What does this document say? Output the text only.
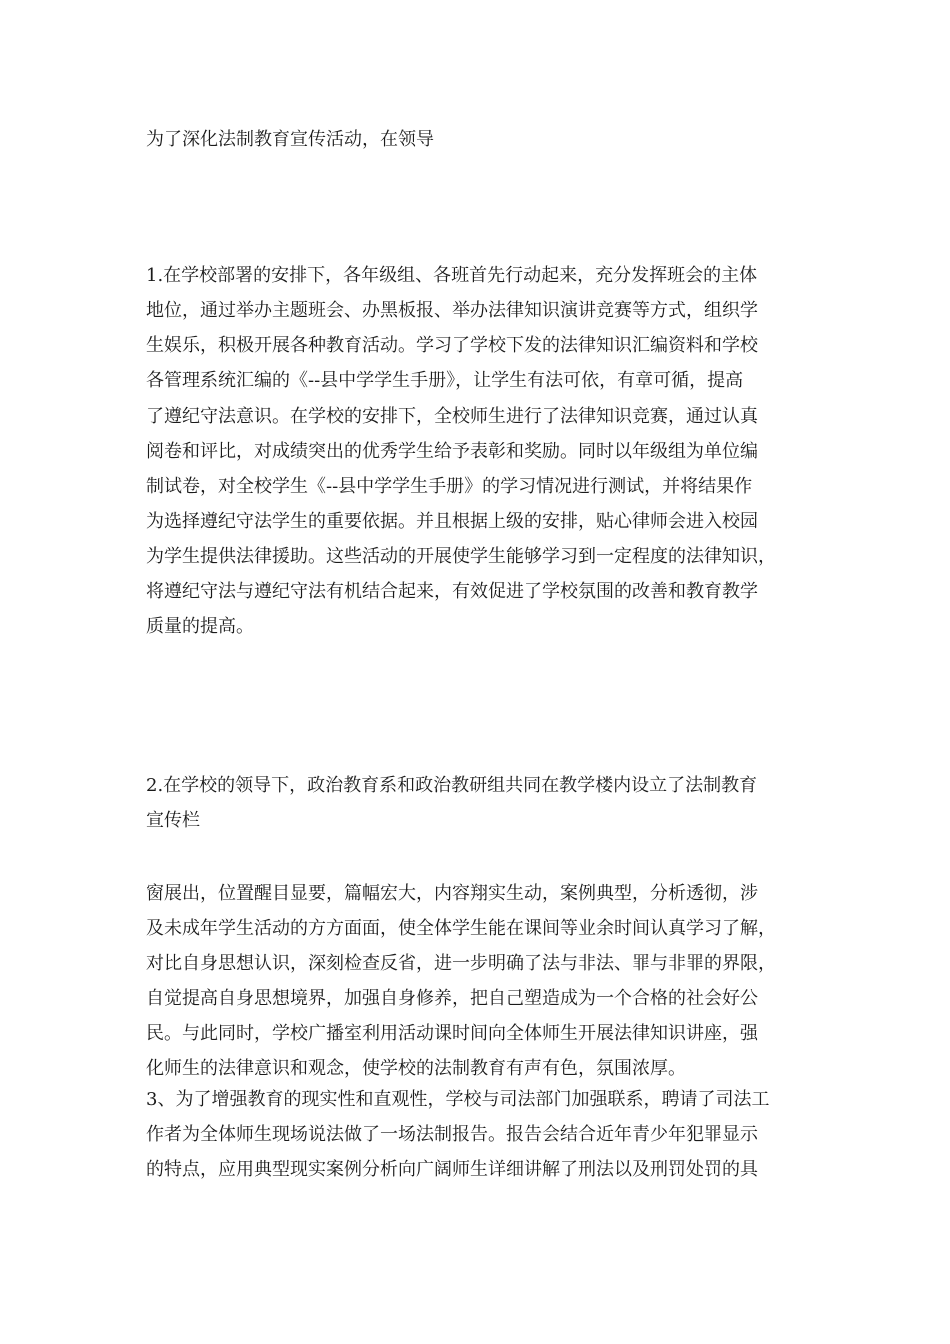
为了深化法制教育宣传活动，在领导
1.在学校部署的安排下，各年级组、各班首先行动起来，充分发挥班会的主体
地位，通过举办主题班会、办黑板报、举办法律知识演讲竞赛等方式，组织学
生娱乐，积极开展各种教育活动。学习了学校下发的法律知识汇编资料和学校
各管理系统汇编的《--县中学学生手册》，让学生有法可依，有章可循，提高
了遵纪守法意识。在学校的安排下，全校师生进行了法律知识竞赛，通过认真
阅卷和评比，对成绩突出的优秀学生给予表彰和奖励。同时以年级组为单位编
制试卷，对全校学生《--县中学学生手册》的学习情况进行测试，并将结果作
为选择遵纪守法学生的重要依据。并且根据上级的安排，贴心律师会进入校园
为学生提供法律援助。这些活动的开展使学生能够学习到一定程度的法律知识，
将遵纪守法与遵纪守法有机结合起来，有效促进了学校氛围的改善和教育教学
质量的提高。
2.在学校的领导下，政治教育系和政治教研组共同在教学楼内设立了法制教育
宣传栏
窗展出，位置醒目显要，篇幅宏大，内容翔实生动，案例典型，分析透彻，涉
及未成年学生活动的方方面面，使全体学生能在课间等业余时间认真学习了解，
对比自身思想认识，深刻检查反省，进一步明确了法与非法、罪与非罪的界限，
自觉提高自身思想境界，加强自身修养，把自己塑造成为一个合格的社会好公
民。与此同时，学校广播室利用活动课时间向全体师生开展法律知识讲座，强
化师生的法律意识和观念，使学校的法制教育有声有色，氛围浓厚。
3、为了增强教育的现实性和直观性，学校与司法部门加强联系，聘请了司法工
作者为全体师生现场说法做了一场法制报告。报告会结合近年青少年犯罪显示
的特点，应用典型现实案例分析向广阔师生详细讲解了刑法以及刑罚处罚的具
